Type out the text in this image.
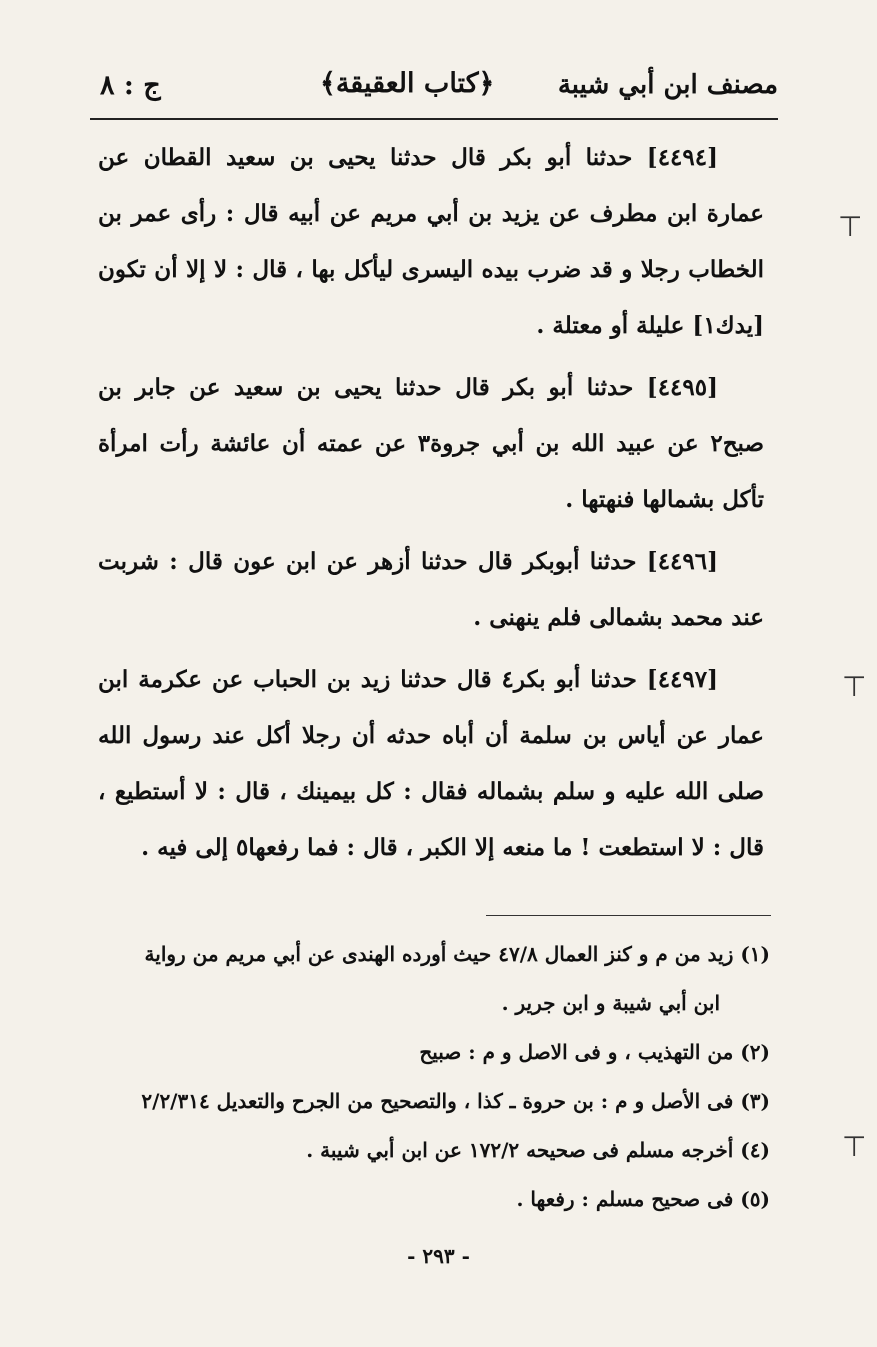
مصنف ابن أبي شيبة
﴿كتاب العقيقة﴾
ج : ٨

[٤٤٩٤] حدثنا أبو بكر قال حدثنا يحيى بن سعيد القطان عن عمارة ابن مطرف عن يزيد بن أبي مريم عن أبيه قال : رأى عمر بن الخطاب رجلا و قد ضرب بيده اليسرى ليأكل بها ، قال : لا إلا أن تكون [يدك١] عليلة أو معتلة .

[٤٤٩٥] حدثنا أبو بكر قال حدثنا يحيى بن سعيد عن جابر بن صبح٢ عن عبيد الله بن أبي جروة٣ عن عمته أن عائشة رأت امرأة تأكل بشمالها فنهتها .

[٤٤٩٦] حدثنا أبوبكر قال حدثنا أزهر عن ابن عون قال : شربت عند محمد بشمالى فلم ينهنى .

[٤٤٩٧] حدثنا أبو بكر٤ قال حدثنا زيد بن الحباب عن عكرمة ابن عمار عن أياس بن سلمة أن أباه حدثه أن رجلا أكل عند رسول الله صلى الله عليه و سلم بشماله فقال : كل بيمينك ، قال : لا أستطيع ، قال : لا استطعت ! ما منعه إلا الكبر ، قال : فما رفعها٥ إلى فيه .

(١) زيد من م و كنز العمال ٤٧/٨ حيث أورده الهندى عن أبي مريم من رواية
ابن أبي شيبة و ابن جرير .

(٢) من التهذيب ، و فى الاصل و م : صبيح

(٣) فى الأصل و م : بن حروة ـ كذا ، والتصحيح من الجرح والتعديل ٢/٢/٣١٤

(٤) أخرجه مسلم فى صحيحه ١٧٢/٢ عن ابن أبي شيبة .

(٥) فى صحيح مسلم : رفعها .

- ٢٩٣ -
⊤
⊤
⊤
